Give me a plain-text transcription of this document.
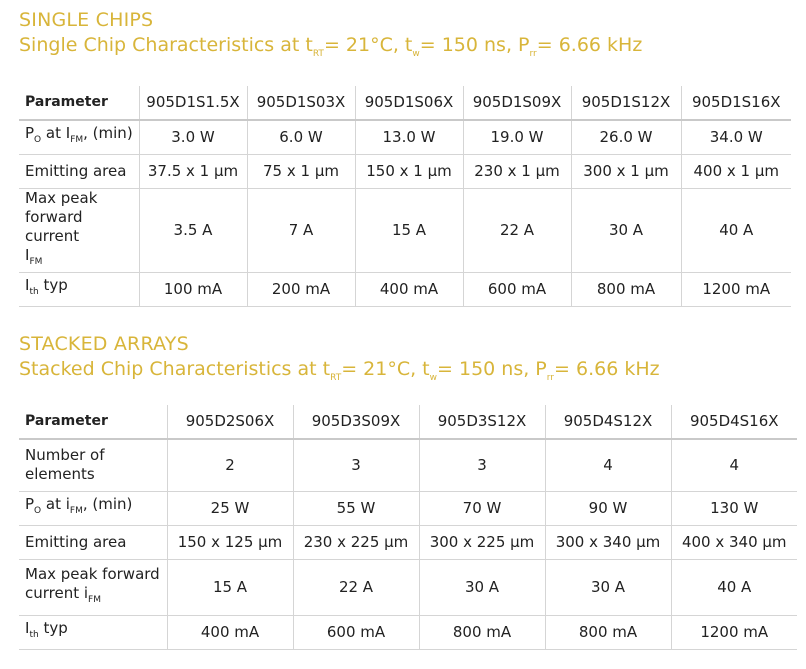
SINGLE CHIPS
Single Chip Characteristics at $t_{RT}= 21^\circ C$, $t_w= 150$ ns, $P_{rr}= 6.66$ kHz
Parameter	905D1S1.5X	905D1S03X	905D1S06X	905D1S09X	905D1S12X	905D1S16X
$P_O$ at $I_{FM}$, (min)	3.0 W	6.0 W	13.0 W	19.0 W	26.0 W	34.0 W
Emitting area	37.5 x 1 μm	75 x 1 μm	150 x 1 μm	230 x 1 μm	300 x 1 μm	400 x 1 μm
Max peak
forward current
$I_{FM}$	3.5 A	7 A	15 A	22 A	30 A	40 A
$I_{th}$ typ	100 mA	200 mA	400 mA	600 mA	800 mA	1200 mA
STACKED ARRAYS
Stacked Chip Characteristics at $t_{RT}= 21^\circ C$, $t_w= 150$ ns, $P_{rr}= 6.66$ kHz
Parameter	905D2S06X	905D3S09X	905D3S12X	905D4S12X	905D4S16X
Number of
elements	2	3	3	4	4
$P_O$ at $i_{FM}$, (min)	25 W	55 W	70 W	90 W	130 W
Emitting area	150 x 125 μm	230 x 225 μm	300 x 225 μm	300 x 340 μm	400 x 340 μm
Max peak forward
current $i_{FM}$	15 A	22 A	30 A	30 A	40 A
$I_{th}$ typ	400 mA	600 mA	800 mA	800 mA	1200 mA
